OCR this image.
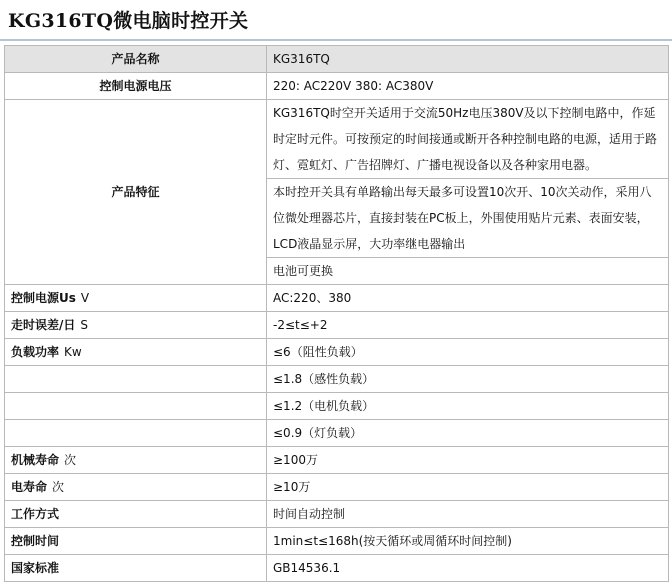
KG316TQ微电脑时控开关
产品名称	KG316TQ
控制电源电压	220: AC220V 380: AC380V
产品特征	KG316TQ时空开关适用于交流50Hz电压380V及以下控制电路中，作延时定时元件。可按预定的时间接通或断开各种控制电路的电源，适用于路灯、霓虹灯、广告招牌灯、广播电视设备以及各种家用电器。
	本时控开关具有单路输出每天最多可设置10次开、10次关动作，采用八位微处理器芯片，直接封装在PC板上，外围使用贴片元素、表面安装，LCD液晶显示屏，大功率继电器输出
	电池可更换
控制电源Us V	AC:220、380
走时误差/日 S	-2≤t≤+2
负载功率 Kw	≤6（阻性负载）
	≤1.8（感性负载）
	≤1.2（电机负载）
	≤0.9（灯负载）
机械寿命 次	≥100万
电寿命 次	≥10万
工作方式	时间自动控制
控制时间	1min≤t≤168h(按天循环或周循环时间控制)
国家标准	GB14536.1
